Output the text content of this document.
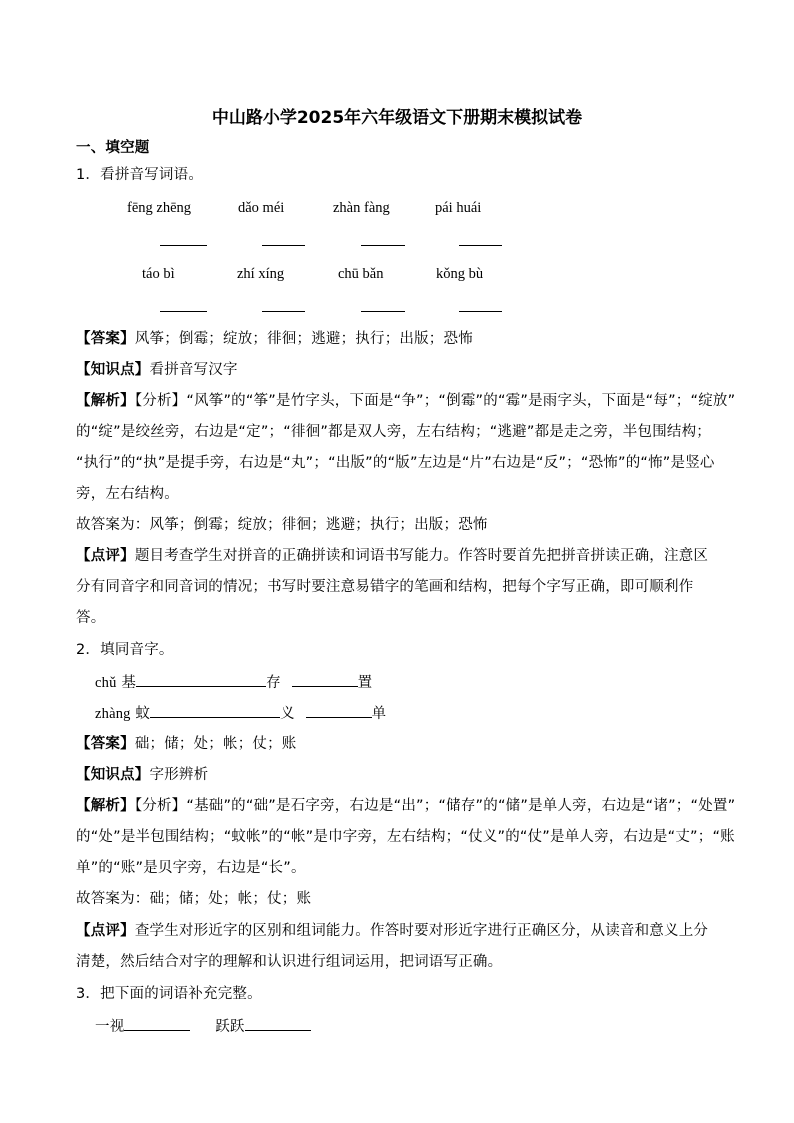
中山路小学2025年六年级语文下册期末模拟试卷
一、填空题
1．看拼音写词语。
fēng zhēng	dǎo méi	zhàn fàng	pái huái
táo bì	zhí xíng	chū bǎn	kǒng bù
【答案】风筝；倒霉；绽放；徘徊；逃避；执行；出版；恐怖
【知识点】看拼音写汉字
【解析】【分析】“风筝”的“筝”是竹字头，下面是“争”；“倒霉”的“霉”是雨字头，下面是“每”；“绽放”
的“绽”是绞丝旁，右边是“定”；“徘徊”都是双人旁，左右结构；“逃避”都是走之旁，半包围结构；
“执行”的“执”是提手旁，右边是“丸”；“出版”的“版”左边是“片”右边是“反”；“恐怖”的“怖”是竖心
旁，左右结构。
故答案为：风筝；倒霉；绽放；徘徊；逃避；执行；出版；恐怖
【点评】题目考查学生对拼音的正确拼读和词语书写能力。作答时要首先把拼音拼读正确，注意区
分有同音字和同音词的情况；书写时要注意易错字的笔画和结构，把每个字写正确，即可顺利作
答。
2．填同音字。
chǔ 基	存	置
zhàng 蚊	义	单
【答案】础；储；处；帐；仗；账
【知识点】字形辨析
【解析】【分析】“基础”的“础”是石字旁，右边是“出”；“储存”的“储”是单人旁，右边是“诸”；“处置”
的“处”是半包围结构；“蚊帐”的“帐”是巾字旁，左右结构；“仗义”的“仗”是单人旁，右边是“丈”；“账
单”的“账”是贝字旁，右边是“长”。
故答案为：础；储；处；帐；仗；账
【点评】查学生对形近字的区别和组词能力。作答时要对形近字进行正确区分，从读音和意义上分
清楚，然后结合对字的理解和认识进行组词运用，把词语写正确。
3．把下面的词语补充完整。
一视	跃跃
